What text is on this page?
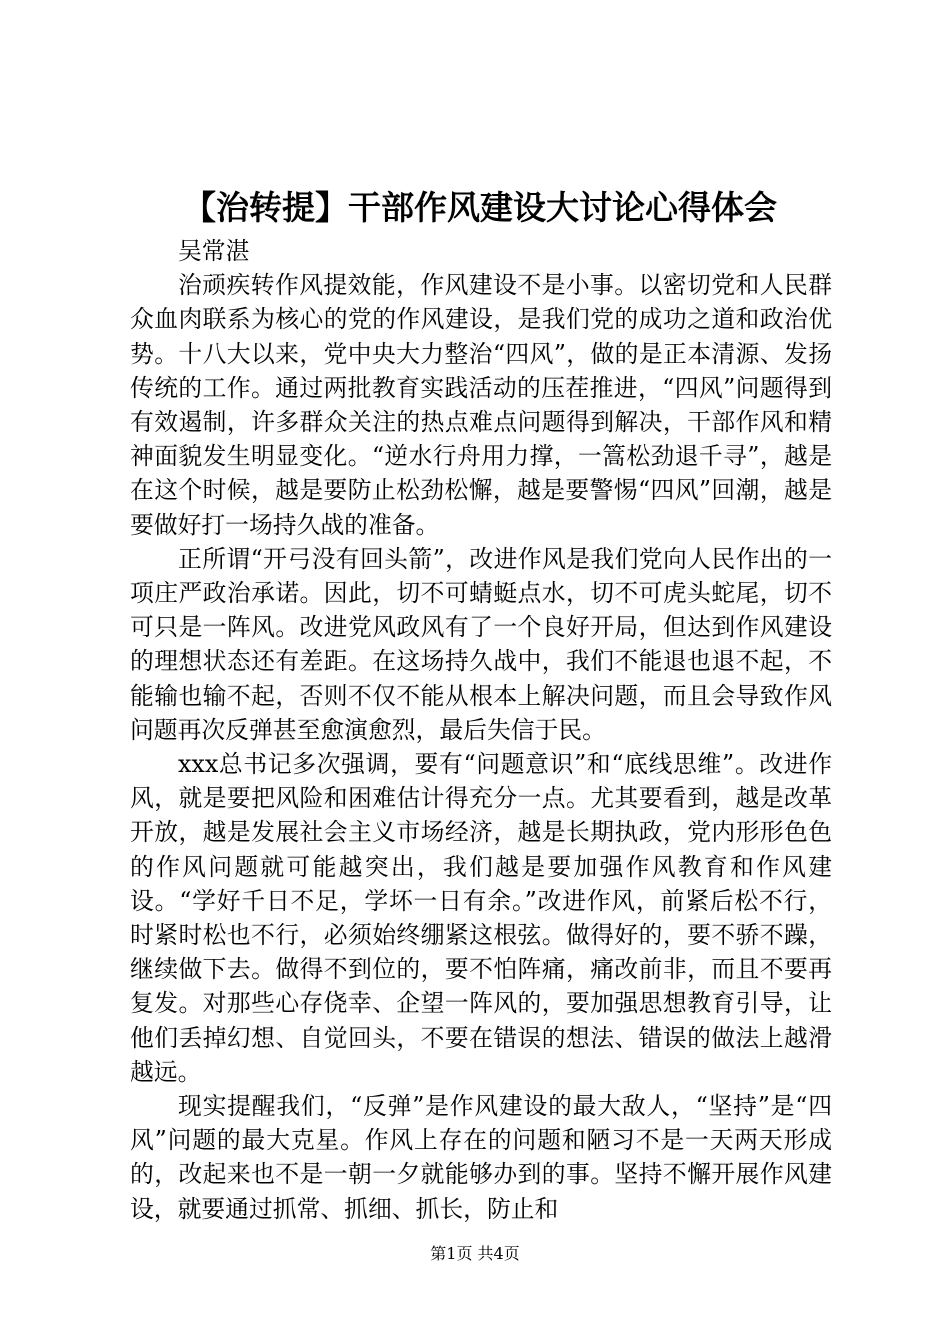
【治转提】干部作风建设大讨论心得体会

吴常湛

治顽疾转作风提效能，作风建设不是小事。以密切党和人民群众血肉联系为核心的党的作风建设，是我们党的成功之道和政治优势。十八大以来，党中央大力整治“四风”，做的是正本清源、发扬传统的工作。通过两批教育实践活动的压茬推进，“四风”问题得到有效遏制，许多群众关注的热点难点问题得到解决，干部作风和精神面貌发生明显变化。“逆水行舟用力撑，一篙松劲退千寻”，越是在这个时候，越是要防止松劲松懈，越是要警惕“四风”回潮，越是要做好打一场持久战的准备。

正所谓“开弓没有回头箭”，改进作风是我们党向人民作出的一项庄严政治承诺。因此，切不可蜻蜓点水，切不可虎头蛇尾，切不可只是一阵风。改进党风政风有了一个良好开局，但达到作风建设的理想状态还有差距。在这场持久战中，我们不能退也退不起，不能输也输不起，否则不仅不能从根本上解决问题，而且会导致作风问题再次反弹甚至愈演愈烈，最后失信于民。

xxx总书记多次强调，要有“问题意识”和“底线思维”。改进作风，就是要把风险和困难估计得充分一点。尤其要看到，越是改革开放，越是发展社会主义市场经济，越是长期执政，党内形形色色的作风问题就可能越突出，我们越是要加强作风教育和作风建设。“学好千日不足，学坏一日有余。”改进作风，前紧后松不行，时紧时松也不行，必须始终绷紧这根弦。做得好的，要不骄不躁，继续做下去。做得不到位的，要不怕阵痛，痛改前非，而且不要再复发。对那些心存侥幸、企望一阵风的，要加强思想教育引导，让他们丢掉幻想、自觉回头，不要在错误的想法、错误的做法上越滑越远。

现实提醒我们，“反弹”是作风建设的最大敌人，“坚持”是“四风”问题的最大克星。作风上存在的问题和陋习不是一天两天形成的，改起来也不是一朝一夕就能够办到的事。坚持不懈开展作风建设，就要通过抓常、抓细、抓长，防止和

第1页 共4页
